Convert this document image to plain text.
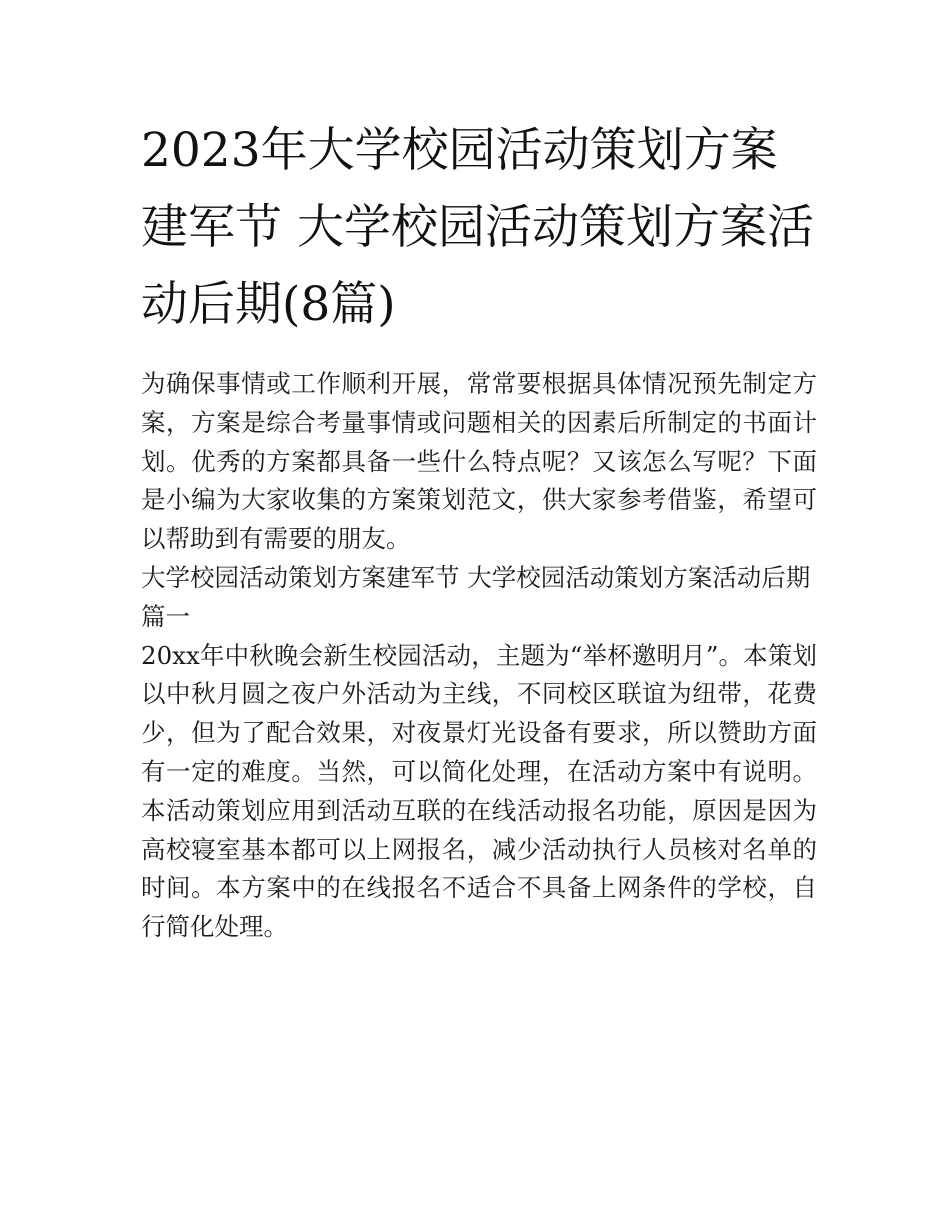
2023年大学校园活动策划方案建军节 大学校园活动策划方案活动后期(8篇)

为确保事情或工作顺利开展，常常要根据具体情况预先制定方案，方案是综合考量事情或问题相关的因素后所制定的书面计划。优秀的方案都具备一些什么特点呢？又该怎么写呢？下面是小编为大家收集的方案策划范文，供大家参考借鉴，希望可以帮助到有需要的朋友。

大学校园活动策划方案建军节 大学校园活动策划方案活动后期篇一

20xx年中秋晚会新生校园活动，主题为“举杯邀明月”。本策划以中秋月圆之夜户外活动为主线，不同校区联谊为纽带，花费少，但为了配合效果，对夜景灯光设备有要求，所以赞助方面有一定的难度。当然，可以简化处理，在活动方案中有说明。本活动策划应用到活动互联的在线活动报名功能，原因是因为高校寝室基本都可以上网报名，减少活动执行人员核对名单的时间。本方案中的在线报名不适合不具备上网条件的学校，自行简化处理。
